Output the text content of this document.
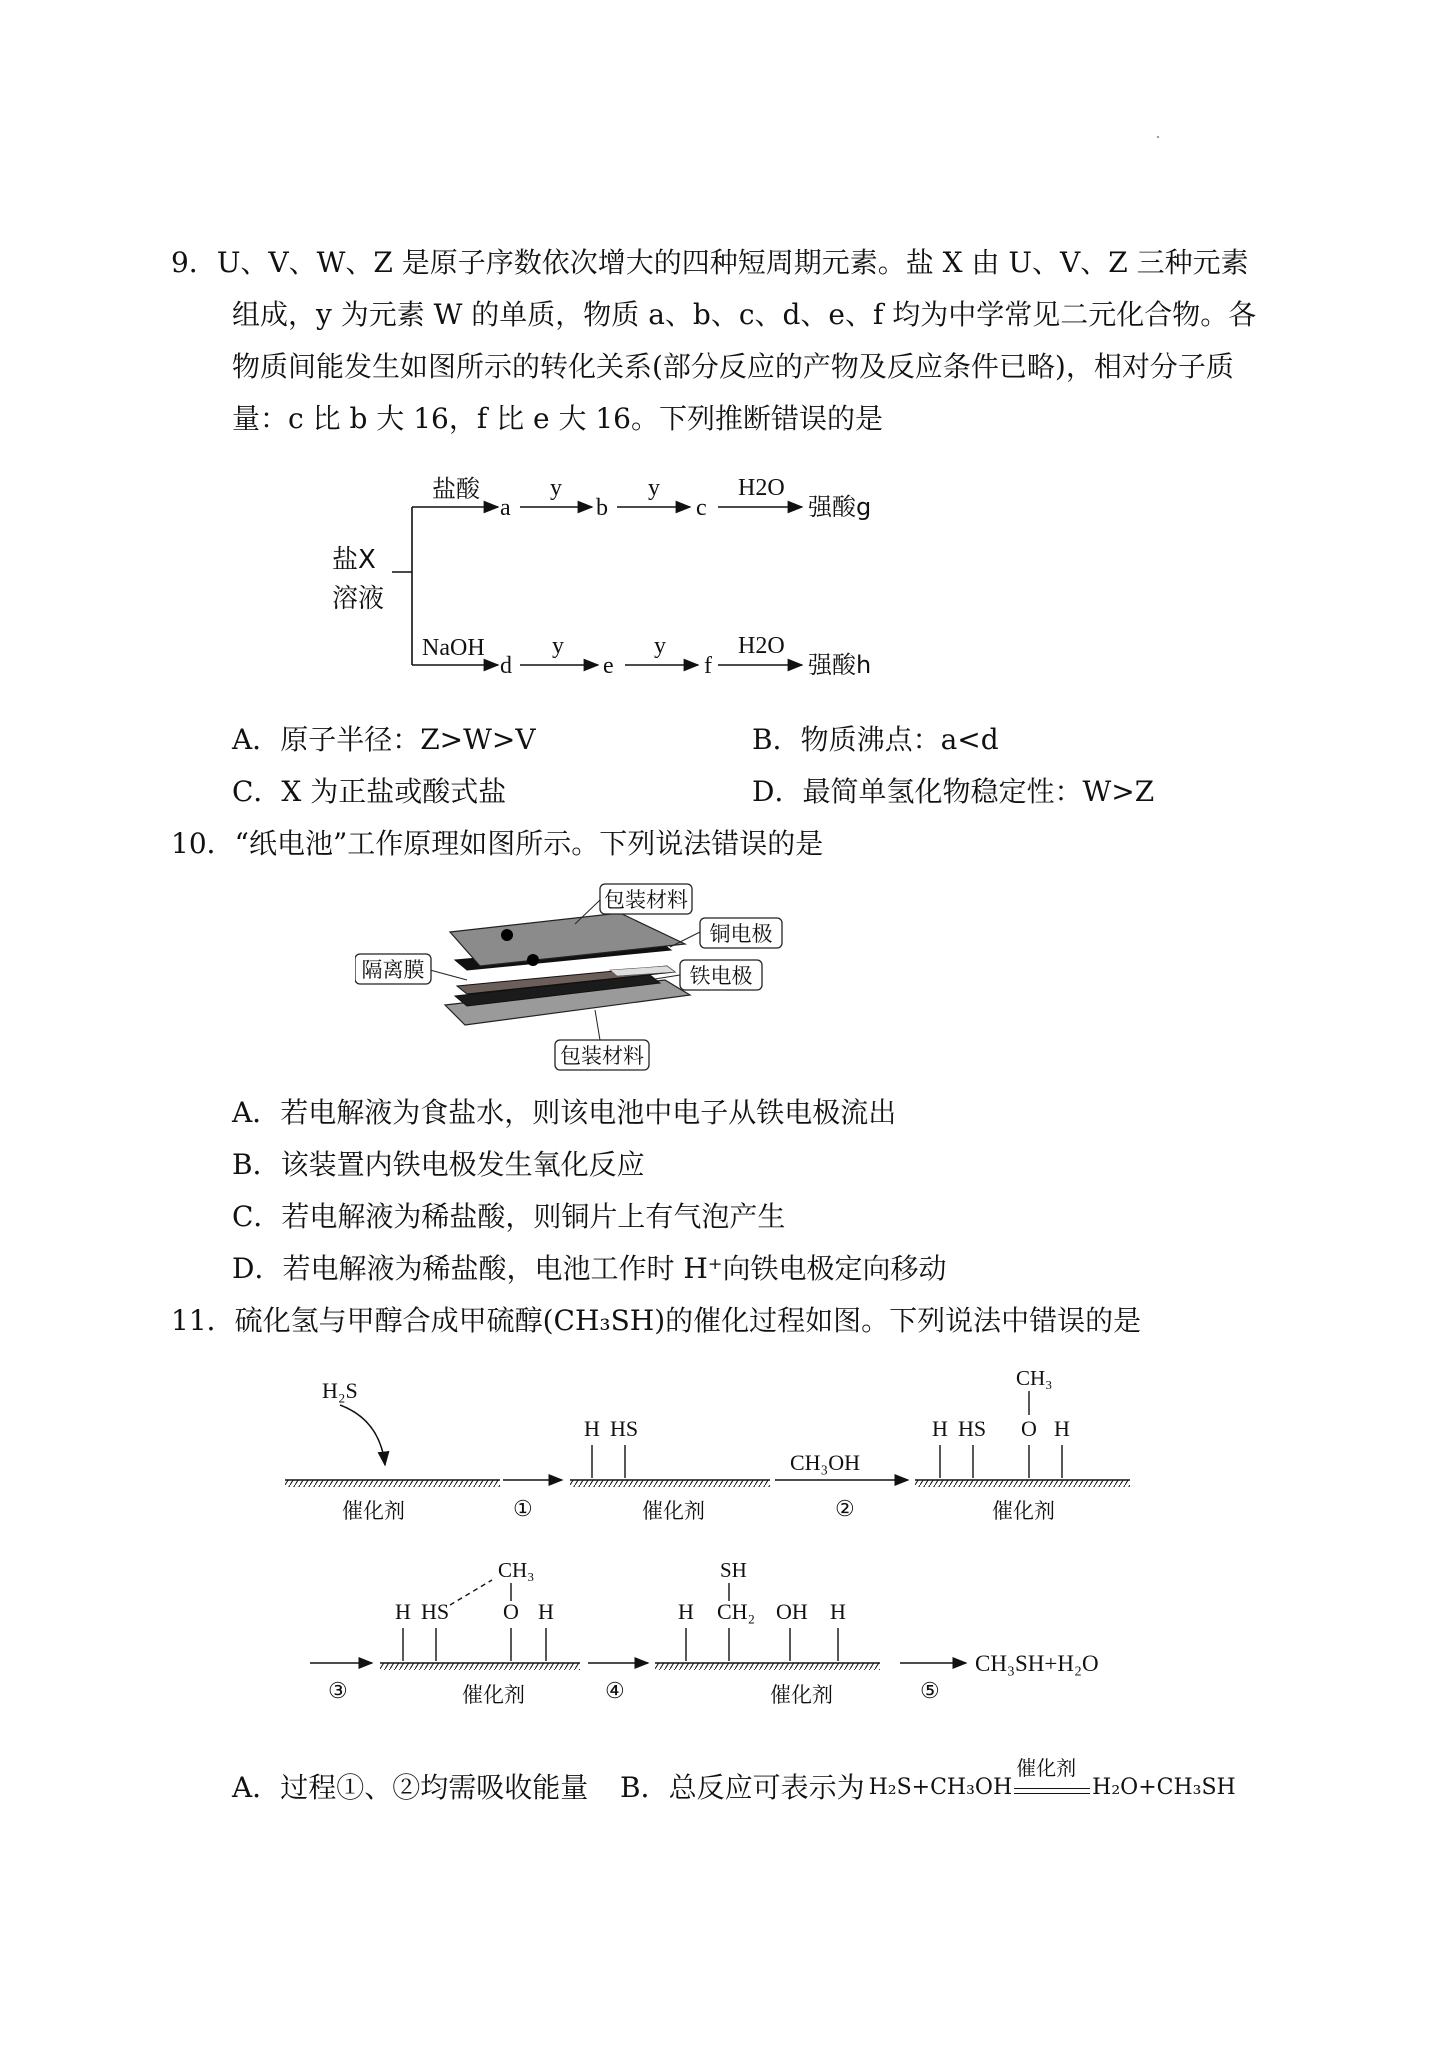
9．U、V、W、Z 是原子序数依次增大的四种短周期元素。盐 X 由 U、V、Z 三种元素
组成，y 为元素 W 的单质，物质 a、b、c、d、e、f 均为中学常见二元化合物。各
物质间能发生如图所示的转化关系(部分反应的产物及反应条件已略)，相对分子质
量：c 比 b 大 16，f 比 e 大 16。下列推断错误的是
盐X
溶液
盐酸
NaOH
a
y
b
y
c
H2O
强酸g
d
y
e
y
f
H2O
强酸h
A．原子半径：Z>W>V	B．物质沸点：a<d
C．X 为正盐或酸式盐	D．最简单氢化物稳定性：W>Z
10．“纸电池”工作原理如图所示。下列说法错误的是
包装材料
铜电极
隔离膜	铁电极
包装材料
A．若电解液为食盐水，则该电池中电子从铁电极流出
B．该装置内铁电极发生氧化反应
C．若电解液为稀盐酸，则铜片上有气泡产生
D．若电解液为稀盐酸，电池工作时 H⁺向铁电极定向移动
11．硫化氢与甲醇合成甲硫醇(CH₃SH)的催化过程如图。下列说法中错误的是
H₂S
催化剂	①
H HS
催化剂
CH₃OH
②
H HS
CH₃
O H
催化剂
③
H HS
CH₃
O H
催化剂	④
H
SH
CH₂ OH H
催化剂	⑤
CH₃SH+H₂O
A．过程①、②均需吸收能量 B．总反应可表示为 H₂S+CH₃OH
催化剂
H₂O+CH₃SH
